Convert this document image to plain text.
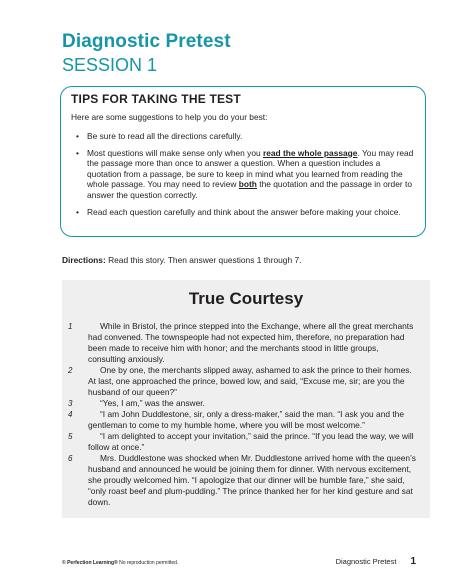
Diagnostic Pretest
SESSION 1
TIPS FOR TAKING THE TEST
Here are some suggestions to help you do your best:
• Be sure to read all the directions carefully.
• Most questions will make sense only when you read the whole passage. You may read the passage more than once to answer a question. When a question includes a quotation from a passage, be sure to keep in mind what you learned from reading the whole passage. You may need to review both the quotation and the passage in order to answer the question correctly.
• Read each question carefully and think about the answer before making your choice.
Directions: Read this story. Then answer questions 1 through 7.
True Courtesy
1	While in Bristol, the prince stepped into the Exchange, where all the great merchants had convened. The townspeople had not expected him, therefore, no preparation had been made to receive him with honor; and the merchants stood in little groups, consulting anxiously.
2	One by one, the merchants slipped away, ashamed to ask the prince to their homes. At last, one approached the prince, bowed low, and said, “Excuse me, sir; are you the husband of our queen?”
3	“Yes, I am,” was the answer.
4	“I am John Duddlestone, sir, only a dress-maker,” said the man. “I ask you and the gentleman to come to my humble home, where you will be most welcome.”
5	“I am delighted to accept your invitation,” said the prince. “If you lead the way, we will follow at once.”
6	Mrs. Duddlestone was shocked when Mr. Duddlestone arrived home with the queen’s husband and announced he would be joining them for dinner. With nervous excitement, she proudly welcomed him. “I apologize that our dinner will be humble fare,” she said, “only roast beef and plum-pudding.” The prince thanked her for her kind gesture and sat down.
© Perfection Learning® No reproduction permitted.	Diagnostic Pretest 1
